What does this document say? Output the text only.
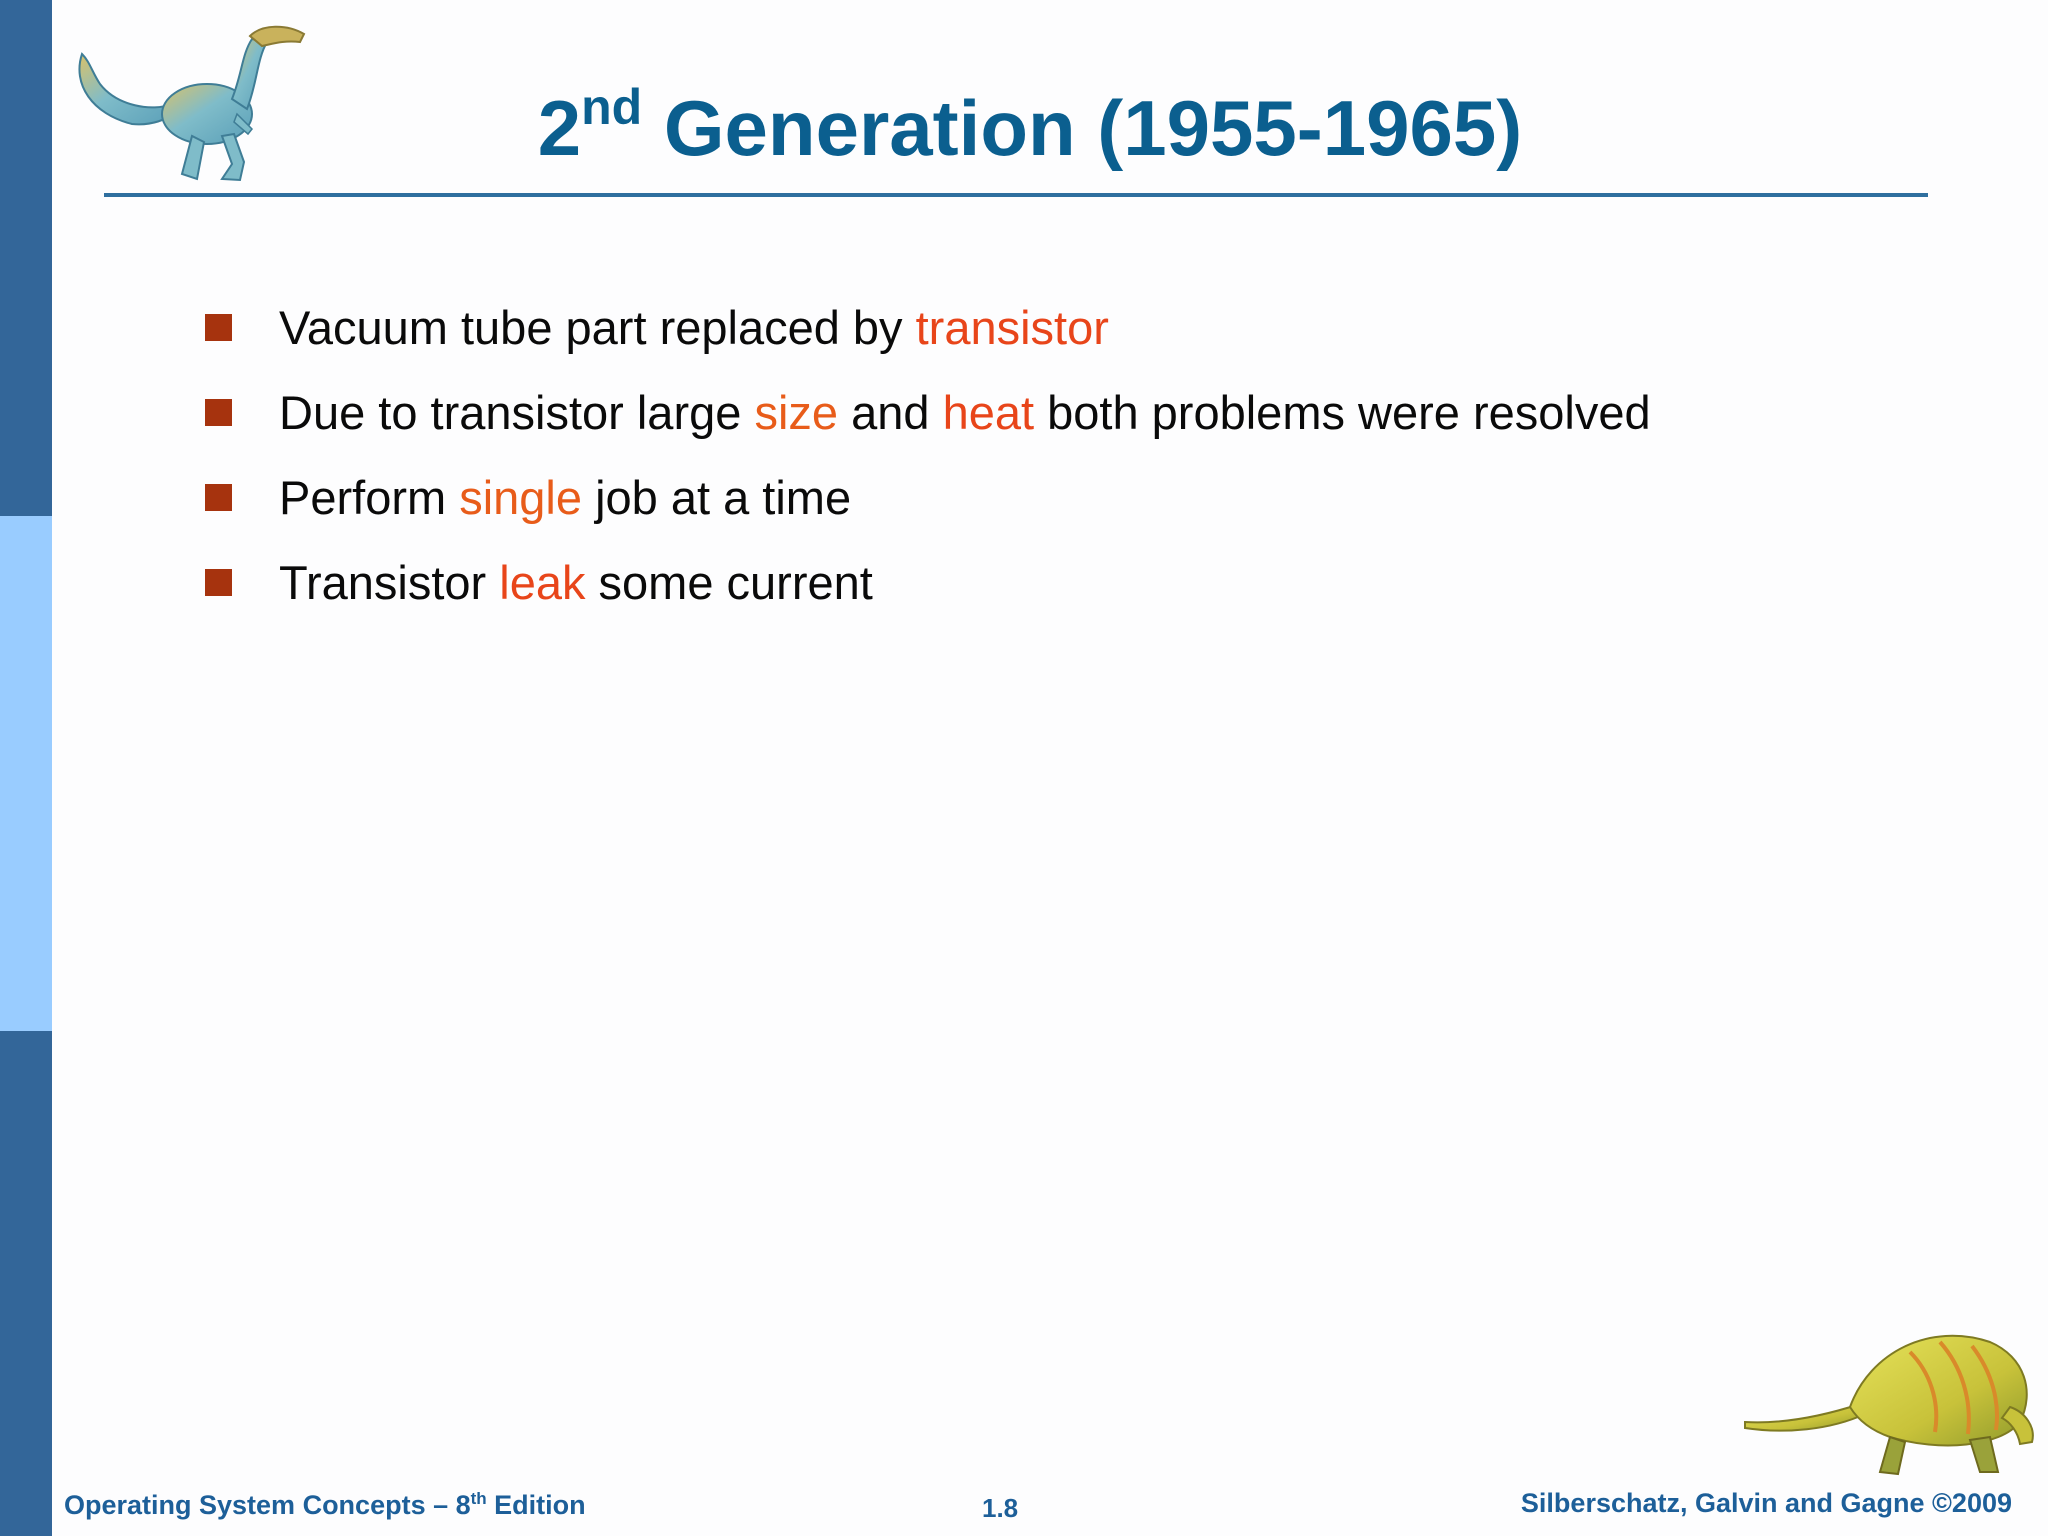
2nd Generation (1955-1965)
Vacuum tube part replaced by transistor
Due to transistor large size and heat both problems were resolved
Perform single job at a time
Transistor leak some current
Operating System Concepts – 8th Edition	1.8	Silberschatz, Galvin and Gagne ©2009
